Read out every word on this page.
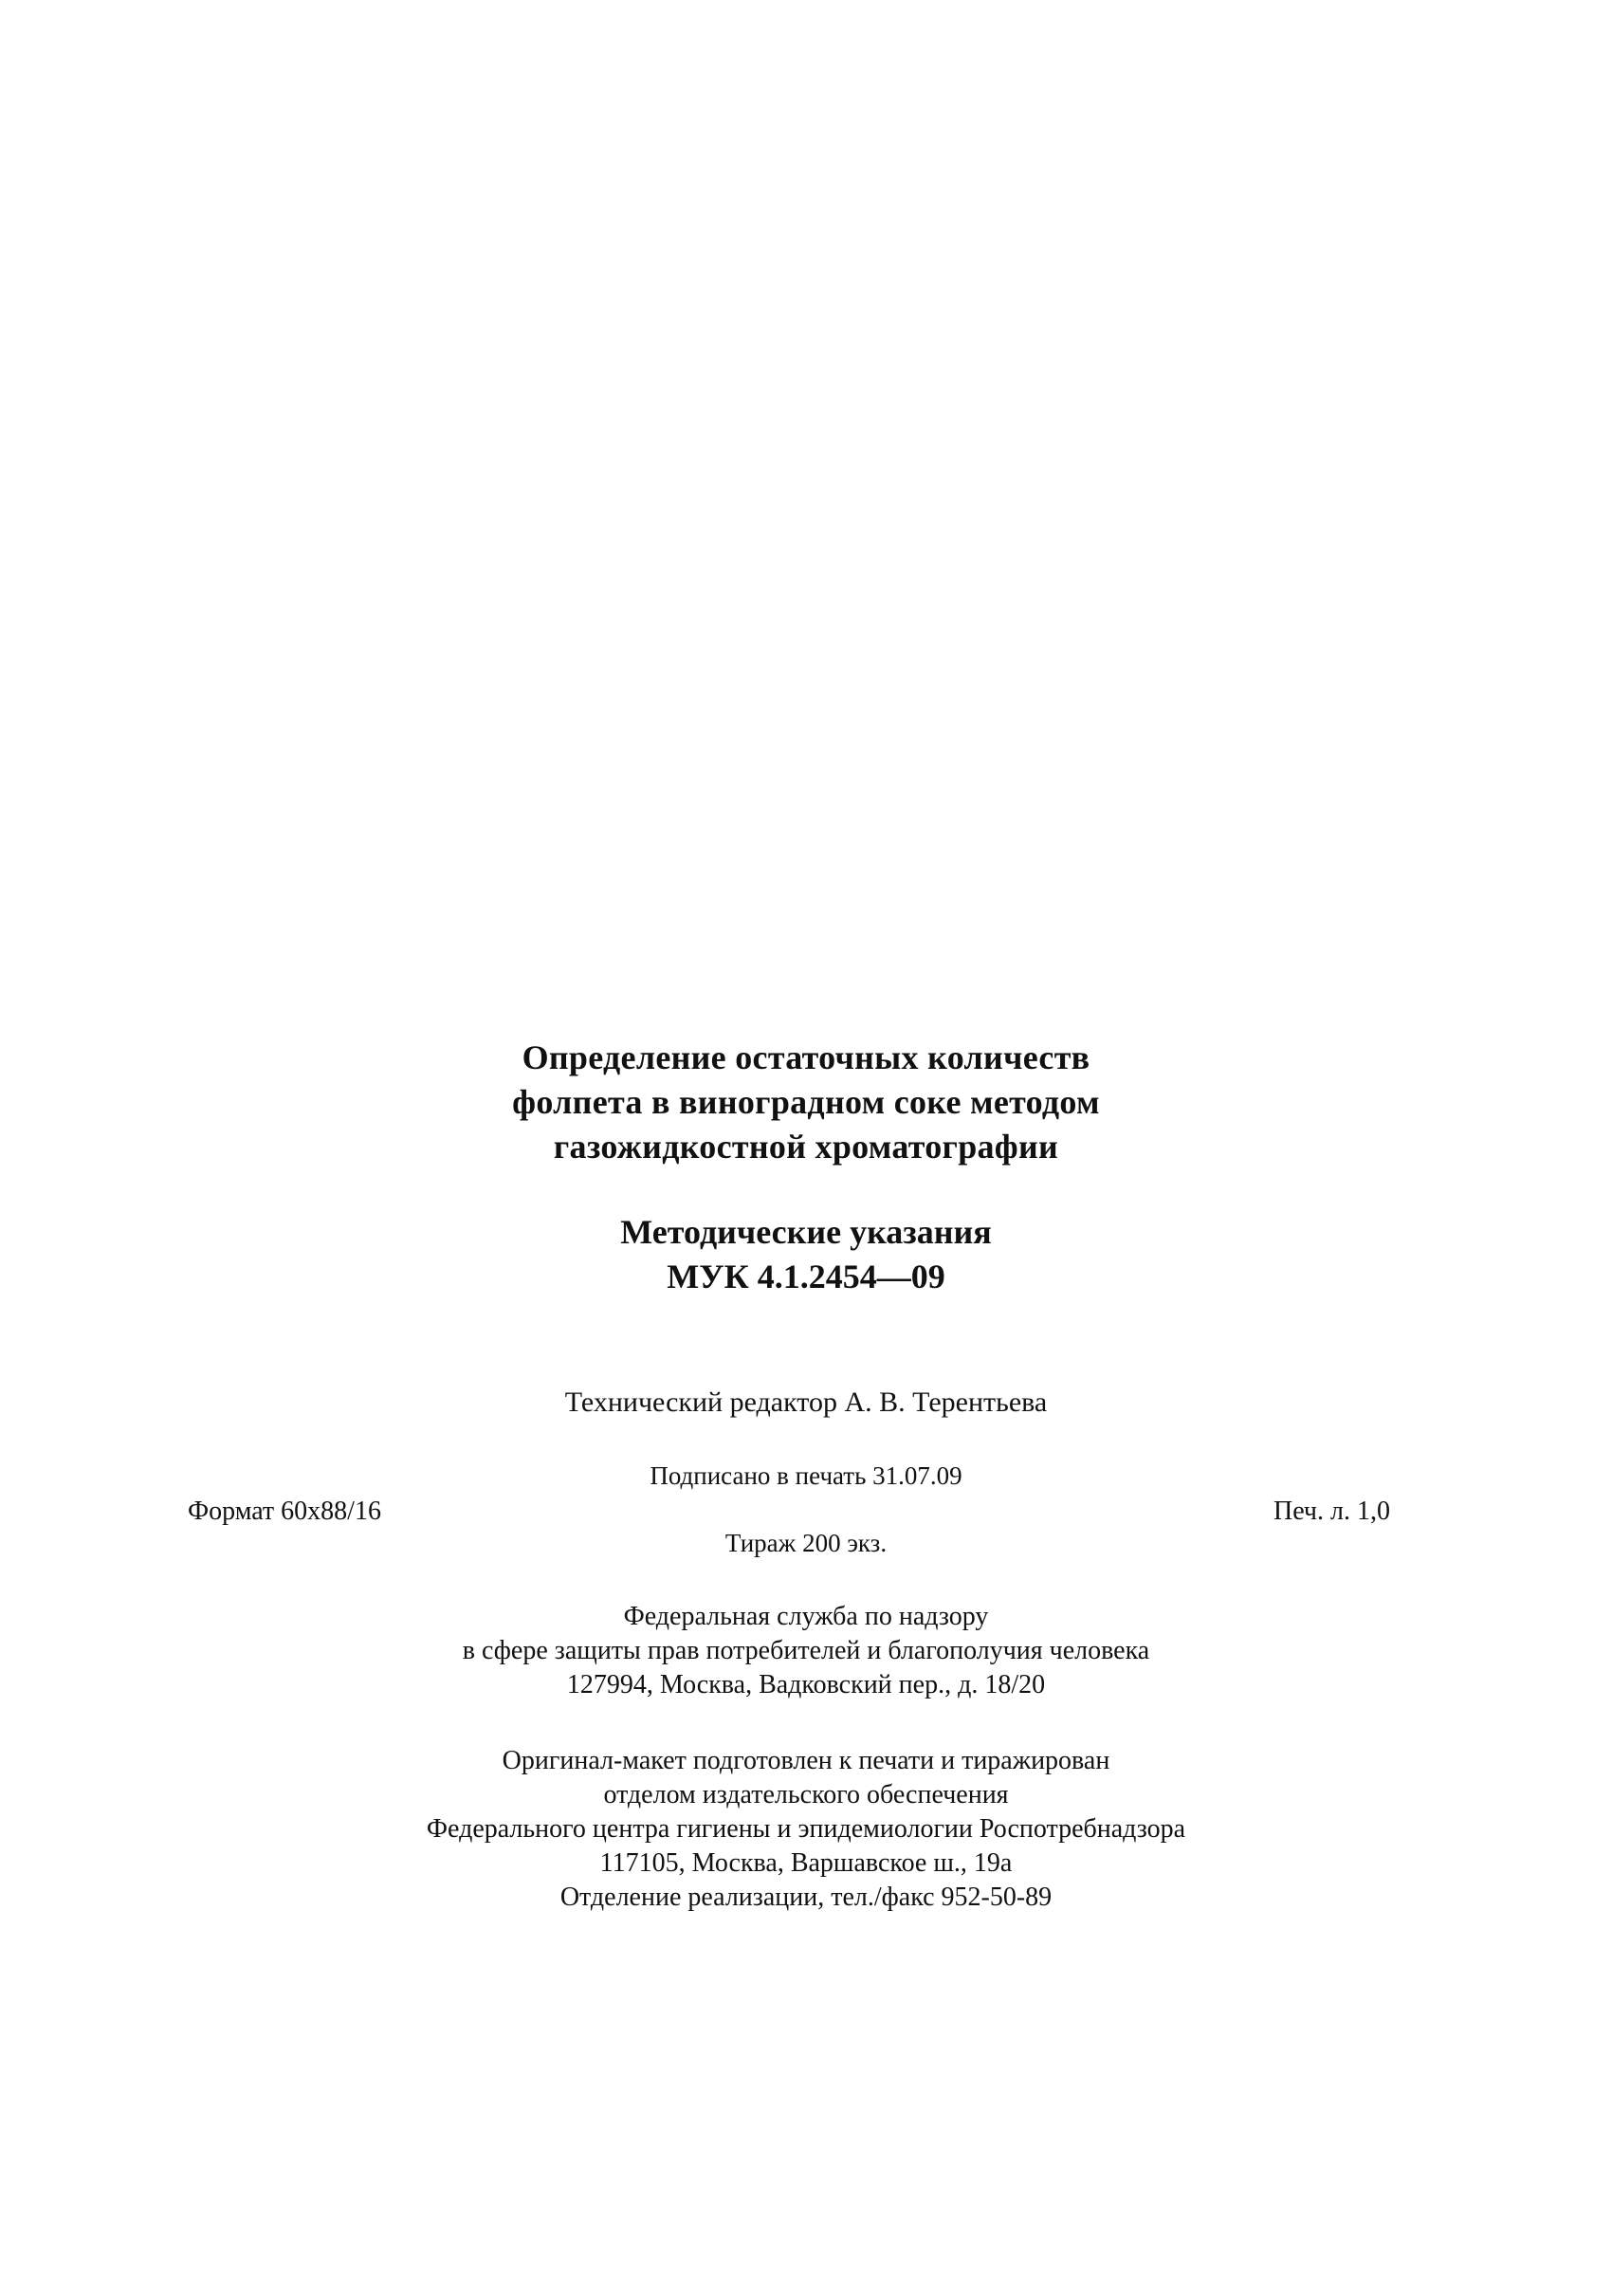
Определение остаточных количеств
фолпета в виноградном соке методом
газожидкостной хроматографии
Методические указания
МУК 4.1.2454—09
Технический редактор А. В. Терентьева
Подписано в печать 31.07.09
Формат 60x88/16	Печ. л. 1,0
Тираж 200 экз.
Федеральная служба по надзору
в сфере защиты прав потребителей и благополучия человека
127994, Москва, Вадковский пер., д. 18/20
Оригинал-макет подготовлен к печати и тиражирован
отделом издательского обеспечения
Федерального центра гигиены и эпидемиологии Роспотребнадзора
117105, Москва, Варшавское ш., 19а
Отделение реализации, тел./факс 952-50-89
